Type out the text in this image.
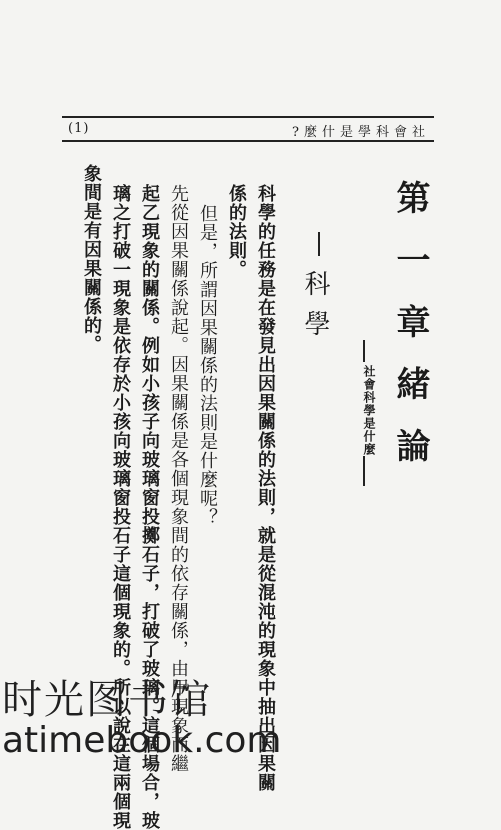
(1)	社會科學是什麼?
第一章緒論
社會科學是什麼
科學
科學的任務是在發見出因果關係的法則，就是從混沌的現象中抽出因果關
係的法則。
但是，所謂因果關係的法則是什麼呢？
先從因果關係說起。因果關係是各個現象間的依存關係，由甲現象而繼
起乙現象的關係。例如小孩子向玻璃窗投擲石子，打破了玻璃。這個場合，玻
璃之打破一現象是依存於小孩向玻璃窗投石子這個現象的。所以說在這兩個現
象間是有因果關係的。
时光图书馆
atimebook.com
